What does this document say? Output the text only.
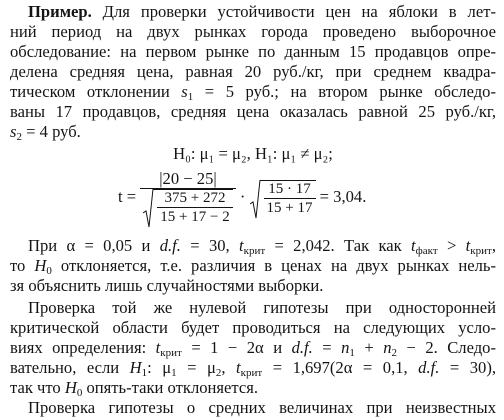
Пример. Для проверки устойчивости цен на яблоки в лет-
ний период на двух рынках города проведено выборочное
обследование: на первом рынке по данным 15 продавцов опре-
делена средняя цена, равная 20 руб./кг, при среднем квадра-
тическом отклонении $s_1 = 5$ руб.; на втором рынке обследо-
ваны 17 продавцов, средняя цена оказалась равной 25 руб./кг,
$s_2 = 4$ руб.
H₀: μ₁ = μ₂, H₁: μ₁ ≠ μ₂;
$t = \frac{|20 - 25|}{\frac{375 + 272}{15 + 17 - 2}} \cdot \frac{15 \cdot 17}{15 + 17} = 3,04$.
При α = 0,05 и d.f. = 30, $t_{крит} = 2,042$. Так как $t_{факт} > t_{крит}$,
то $H_0$ отклоняется, т.е. различия в ценах на двух рынках нель-
зя объяснить лишь случайностями выборки.
Проверка той же нулевой гипотезы при односторонней
критической области будет проводиться на следующих усло-
виях определения: $t_{крит} = 1 - 2\alpha$ и d.f. = $n_1 + n_2 - 2$. Следо-
вательно, если $H_1$: $\mu_1 = \mu_2$, $t_{крит} = 1,697(2\alpha = 0,1$, d.f. = 30),
так что $H_0$ опять-таки отклоняется.
Проверка гипотезы о средних величинах при неизвестных
